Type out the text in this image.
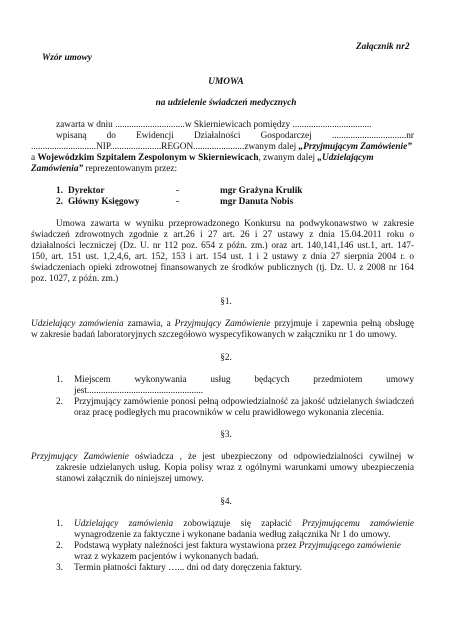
Załącznik nr2
Wzór umowy
UMOWA
na udzielenie świadczeń medycznych
zawarta w dniu ..............................w Skierniewicach pomiędzy ..................................
wpisaną do Ewidencji Działalności Gospodarczej ................................nr
............................NIP......................REGON......................zwanym dalej „Przyjmującym Zamówienie”
a Wojewódzkim Szpitalem Zespolonym w Skierniewicach, zwanym dalej „Udzielającym
Zamówienia” reprezentowanym przez:
1. Dyrektor	-	mgr Grażyna Krulik
2. Główny Księgowy	-	mgr Danuta Nobis
Umowa zawarta w wyniku przeprowadzonego Konkursu na podwykonawstwo w zakresie
świadczeń zdrowotnych zgodnie z art.26 i 27 art. 26 i 27 ustawy z dnia 15.04.2011 roku o
działalności leczniczej (Dz. U. nr 112 poz. 654 z późn. zm.) oraz art. 140,141,146 ust.1, art. 147-
150, art. 151 ust. 1,2,4,6, art. 152, 153 i art. 154 ust. 1 i 2 ustawy z dnia 27 sierpnia 2004 r. o
świadczeniach opieki zdrowotnej finansowanych ze środków publicznych (tj. Dz. U. z 2008 nr 164
poz. 1027, z późn. zm.)
§1.
Udzielający zamówienia zamawia, a Przyjmujący Zamówienie przyjmuje i zapewnia pełną obsługę
w zakresie badań laboratoryjnych szczegółowo wyspecyfikowanych w załączniku nr 1 do umowy.
§2.
1. Miejscem wykonywania usług będących przedmiotem umowy
jest..................................................
2. Przyjmujący zamówienie ponosi pełną odpowiedzialność za jakość udzielanych świadczeń
oraz pracę podległych mu pracowników w celu prawidłowego wykonania zlecenia.
§3.
Przyjmujący Zamówienie oświadcza , że jest ubezpieczony od odpowiedzialności cywilnej w
zakresie udzielanych usług. Kopia polisy wraz z ogólnymi warunkami umowy ubezpieczenia
stanowi załącznik do niniejszej umowy.
§4.
1. Udzielający zamówienia zobowiązuje się zapłacić Przyjmującemu zamówienie
wynagrodzenie za faktyczne i wykonane badania według załącznika Nr 1 do umowy.
2. Podstawą wypłaty należności jest faktura wystawiona przez Przyjmującego zamówienie
wraz z wykazem pacjentów i wykonanych badań.
3. Termin płatności faktury …... dni od daty doręczenia faktury.
